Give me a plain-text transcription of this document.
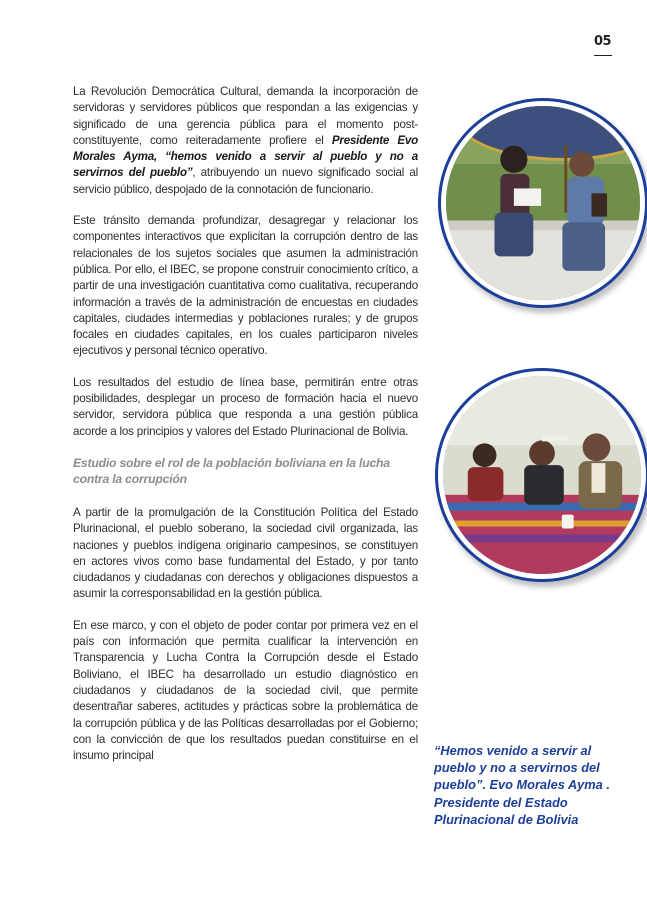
05

La Revolución Democrática Cultural, demanda la incorporación de servidoras y servidores públicos que respondan a las exigencias y significado de una gerencia pública para el momento post-constituyente, como reiteradamente profiere el Presidente Evo Morales Ayma, “hemos venido a servir al pueblo y no a servirnos del pueblo”, atribuyendo un nuevo significado social al servicio público, despojado de la connotación de funcionario.

Este tránsito demanda profundizar, desagregar y relacionar los componentes interactivos que explicitan la corrupción dentro de las relacionales de los sujetos sociales que asumen la administración pública. Por ello, el IBEC, se propone construir conocimiento crítico, a partir de una investigación cuantitativa como cualitativa, recuperando información a través de la administración de encuestas en ciudades capitales, ciudades intermedias y poblaciones rurales; y de grupos focales en ciudades capitales, en los cuales participaron niveles ejecutivos y personal técnico operativo.

Los resultados del estudio de línea base, permitirán entre otras posibilidades, desplegar un proceso de formación hacia el nuevo servidor, servidora pública que responda a una gestión pública acorde a los principios y valores del Estado Plurinacional de Bolivia.

Estudio sobre el rol de la población boliviana en la lucha contra la corrupción

A partir de la promulgación de la Constitución Política del Estado Plurinacional, el pueblo soberano, la sociedad civil organizada, las naciones y pueblos indígena originario campesinos, se constituyen en actores vivos como base fundamental del Estado, y por tanto ciudadanos y ciudadanas con derechos y obligaciones dispuestos a asumir la corresponsabilidad en la gestión pública.

En ese marco, y con el objeto de poder contar por primera vez en el país con información que permita cualificar la intervención en Transparencia y Lucha Contra la Corrupción desde el Estado Boliviano, el IBEC ha desarrollado un estudio diagnóstico en ciudadanos y ciudadanos de la sociedad civil, que permite desentrañar saberes, actitudes y prácticas sobre la problemática de la corrupción pública y de las Políticas desarrolladas por el Gobierno; con la convicción de que los resultados puedan constituirse en el insumo principal	“Hemos venido a servir al pueblo y no a servirnos del pueblo”. Evo Morales Ayma . Presidente del Estado Plurinacional de Bolivia
